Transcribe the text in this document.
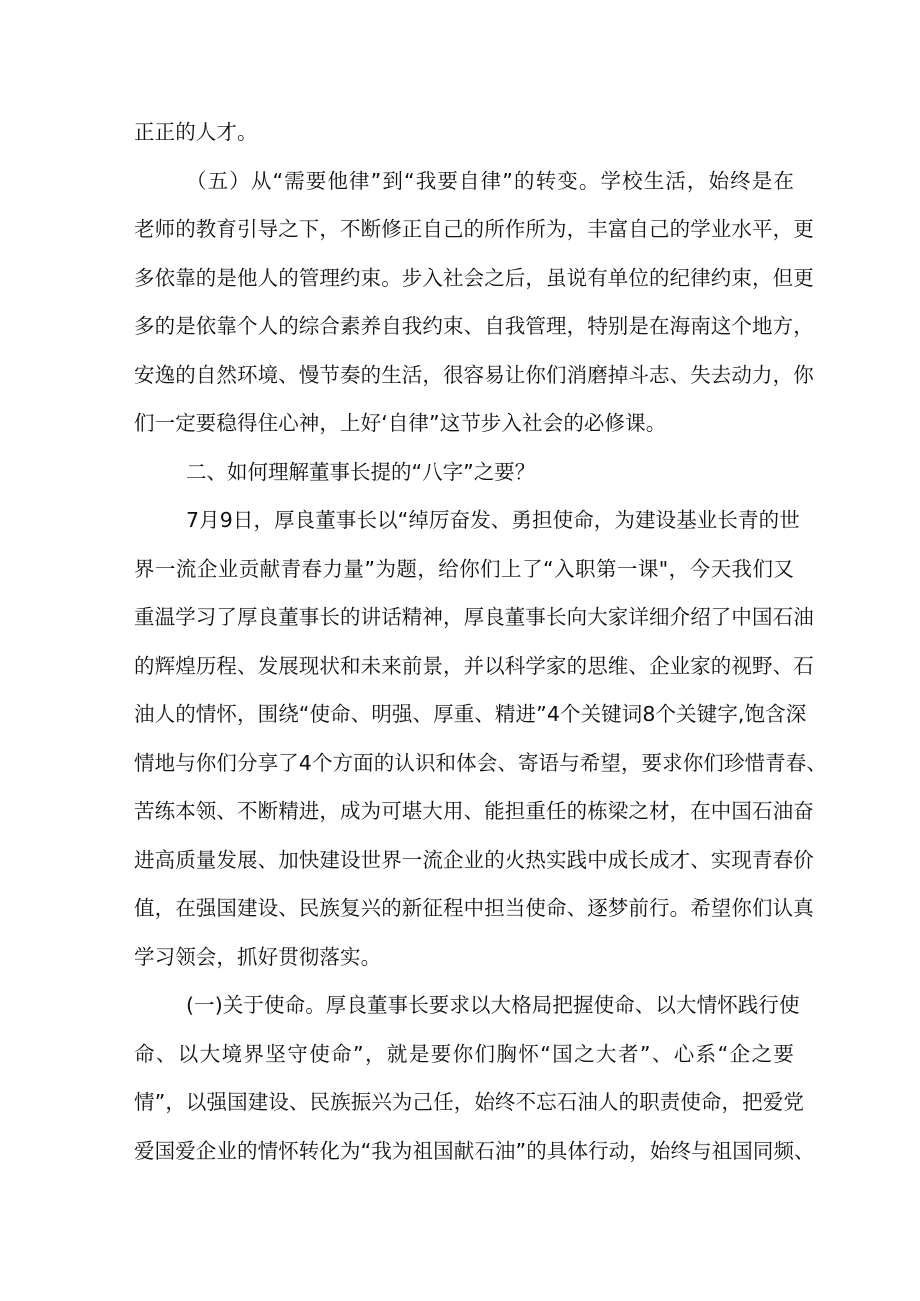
正正的人才。
（五）从“需要他律”到“我要自律”的转变。学校生活，始终是在
老师的教育引导之下，不断修正自己的所作所为，丰富自己的学业水平，更
多依靠的是他人的管理约束。步入社会之后，虽说有单位的纪律约束，但更
多的是依靠个人的综合素养自我约束、自我管理，特别是在海南这个地方，
安逸的自然环境、慢节奏的生活，很容易让你们消磨掉斗志、失去动力，你
们一定要稳得住心神，上好‘自律”这节步入社会的必修课。
二、如何理解董事长提的“八字”之要？
7月9日，厚良董事长以“绰厉奋发、勇担使命，为建设基业长青的世
界一流企业贡献青春力量”为题，给你们上了“入职第一课"，今天我们又
重温学习了厚良董事长的讲话精神，厚良董事长向大家详细介绍了中国石油
的辉煌历程、发展现状和未来前景，并以科学家的思维、企业家的视野、石
油人的情怀，围绕“使命、明强、厚重、精进”4个关键词8个关键字,饱含深
情地与你们分享了4个方面的认识和体会、寄语与希望，要求你们珍惜青春、
苦练本领、不断精进，成为可堪大用、能担重任的栋梁之材，在中国石油奋
进高质量发展、加快建设世界一流企业的火热实践中成长成才、实现青春价
值，在强国建设、民族复兴的新征程中担当使命、逐梦前行。希望你们认真
学习领会，抓好贯彻落实。
(一)关于使命。厚良董事长要求以大格局把握使命、以大情怀践行使
命、以大境界坚守使命”，就是要你们胸怀“国之大者”、心系“企之要
情”，以强国建设、民族振兴为己任，始终不忘石油人的职责使命，把爱党
爱国爱企业的情怀转化为“我为祖国献石油”的具体行动，始终与祖国同频、
